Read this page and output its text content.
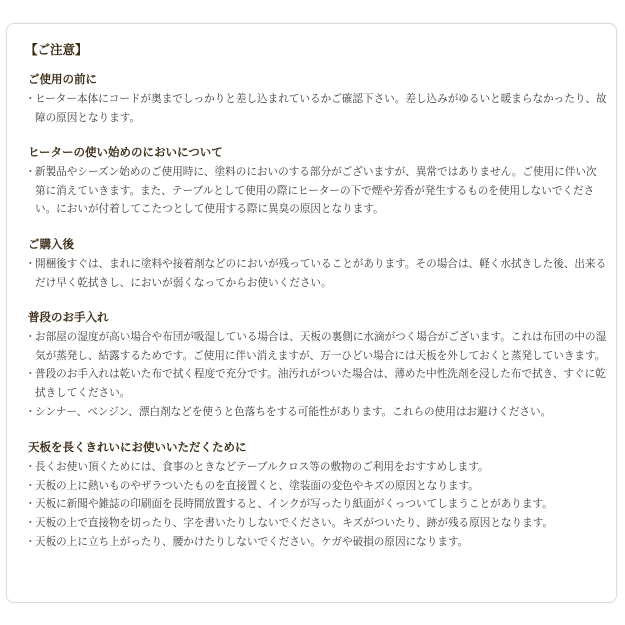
【ご注意】
ご使用の前に
・ ヒーター本体にコードが奥までしっかりと差し込まれているかご確認下さい。差し込みがゆるいと暖まらなかったり、故障の原因となります。
ヒーターの使い始めのにおいについて
・ 新製品やシーズン始めのご使用時に、塗料のにおいのする部分がございますが、異常ではありません。ご使用に伴い次第に消えていきます。また、テーブルとして使用の際にヒーターの下で煙や芳香が発生するものを使用しないでください。においが付着してこたつとして使用する際に異臭の原因となります。
ご購入後
・ 開梱後すぐは、まれに塗料や接着剤などのにおいが残っていることがあります。その場合は、軽く水拭きした後、出来るだけ早く乾拭きし、においが弱くなってからお使いください。
普段のお手入れ
・ お部屋の湿度が高い場合や布団が吸湿している場合は、天板の裏側に水滴がつく場合がございます。これは布団の中の湿気が蒸発し、結露するためです。ご使用に伴い消えますが、万一ひどい場合には天板を外しておくと蒸発していきます。
・ 普段のお手入れは乾いた布で拭く程度で充分です。油汚れがついた場合は、薄めた中性洗剤を浸した布で拭き、すぐに乾拭きしてください。
・ シンナー、ベンジン、漂白剤などを使うと色落ちをする可能性があります。これらの使用はお避けください。
天板を長くきれいにお使いいただくために
・ 長くお使い頂くためには、食事のときなどテーブルクロス等の敷物のご利用をおすすめします。
・ 天板の上に熱いものやザラついたものを直接置くと、塗装面の変色やキズの原因となります。
・ 天板に新聞や雑誌の印刷面を長時間放置すると、インクが写ったり紙面がくっついてしまうことがあります。
・ 天板の上で直接物を切ったり、字を書いたりしないでください。キズがついたり、跡が残る原因となります。
・ 天板の上に立ち上がったり、腰かけたりしないでください。ケガや破損の原因になります。
